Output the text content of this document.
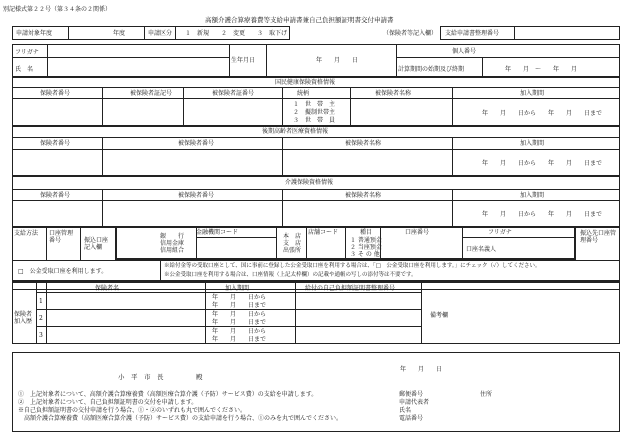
別記様式第２２号（第３４条の２関係）
高額介護合算療養費等支給申請書兼自己負担額証明書交付申請書
申請対象年度	年度	申請区分 １　新規 ２　変更 ３　取下げ	（保険者等記入欄） 支給申請書整理番号
フリガナ
氏　名
生年月日	年　　月　　日
個人番号
計算期間の始期及び終期	年　　月　～　　年　　月
国民健康保険資格情報
保険者番号	被保険者証記号	被保険者証番号	続柄	被保険者名称	加入期間
１　世　帯　主
２　擬制世帯主
３　世　帯　員
年　　月　　日から　　年　　月　　日まで
後期高齢者医療資格情報
保険者番号	被保険者番号	被保険者名称	加入期間
年　　月　　日から　　年　　月　　日まで
介護保険資格情報
保険者番号	被保険者番号	被保険者名称	加入期間
年　　月　　日から　　年　　月　　日まで
支給方法 口座管理番号	振込口座記入欄
金融機関コード
銀　　行
信用金庫
信用組合
本　店
支　店
出張所
店舗コード	種目
１ 普通預金
２ 当座預金
３ そ の 他
口座番号	フリガナ
口座名義人
振込先口座管理番号
□　公金受取口座を利用します。
※給付金等の受取口座として、国に事前に登録した公金受取口座を利用する場合は、「□　公金受取口座を利用します。」にチェック（✓）してください。
※公金受取口座を利用する場合は、口座情報（上記太枠欄）の記載や通帳の写しの添付等は不要です。
保険者
加入歴
保険者名	加入期間	給付の自己負担額証明書整理番号
備考欄
1
年　　月　　日から
年　　月　　日まで
2
年　　月　　日から
年　　月　　日まで
3
年　　月　　日から
年　　月　　日まで
年　　月　　日
小　平　市　長　　　　　殿
①　上記対象者について、高額介護合算療養費（高額医療合算介護（予防）サービス費）の支給を申請します。
②　上記対象者について、自己負担額証明書の交付を申請します。
※自己負担額証明書の交付申請を行う場合、①・②のいずれも丸で囲んでください。
　高額介護合算療養費（高額医療合算介護（予防）サービス費）の支給申請を行う場合、①のみを丸で囲んでください。
郵便番号	住所
申請代表者
氏名
電話番号
